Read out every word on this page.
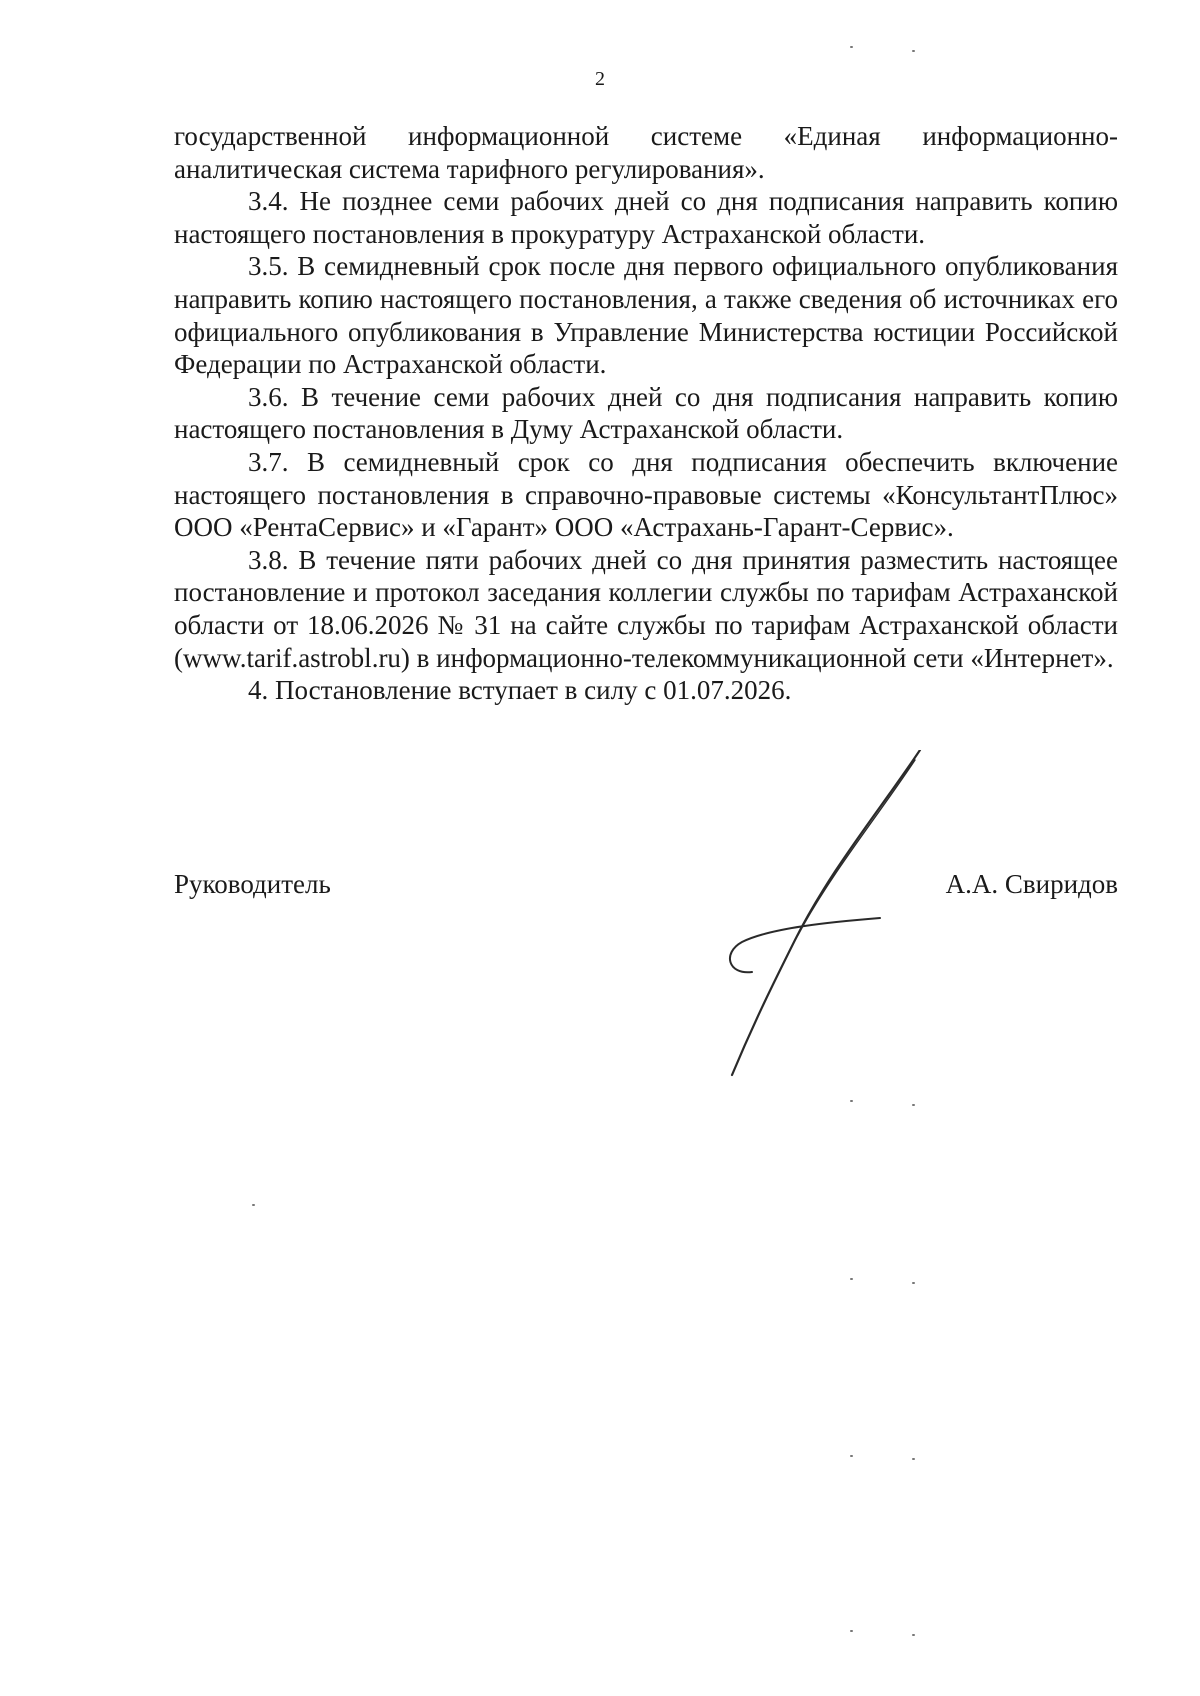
2

государственной информационной системе «Единая информационно-аналитическая система тарифного регулирования».

3.4. Не позднее семи рабочих дней со дня подписания направить копию настоящего постановления в прокуратуру Астраханской области.

3.5. В семидневный срок после дня первого официального опубликования направить копию настоящего постановления, а также сведения об источниках его официального опубликования в Управление Министерства юстиции Российской Федерации по Астраханской области.

3.6. В течение семи рабочих дней со дня подписания направить копию настоящего постановления в Думу Астраханской области.

3.7. В семидневный срок со дня подписания обеспечить включение настоящего постановления в справочно-правовые системы «КонсультантПлюс» ООО «РентаСервис» и «Гарант» ООО «Астрахань-Гарант-Сервис».

3.8. В течение пяти рабочих дней со дня принятия разместить настоящее постановление и протокол заседания коллегии службы по тарифам Астраханской области от 18.06.2026 № 31 на сайте службы по тарифам Астраханской области (www.tarif.astrobl.ru) в информационно-телекоммуникационной сети «Интернет».

4. Постановление вступает в силу с 01.07.2026.

Руководитель	А.А. Свиридов
